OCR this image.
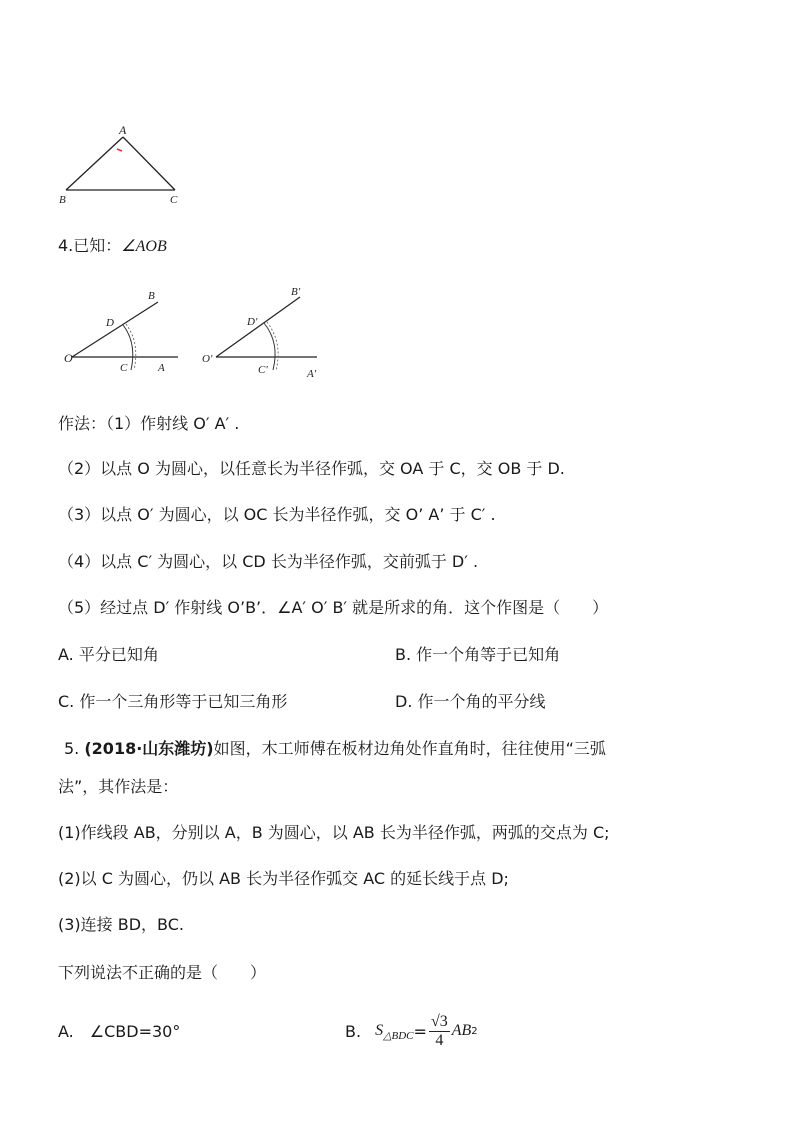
A
B	C
4.已知：∠AOB
O
A
B
C
D
O'
A'
B'
C'
D'
作法：（1）作射线 O′ A′ .
（2）以点 O 为圆心，以任意长为半径作弧，交 OA 于 C，交 OB 于 D.
（3）以点 O′ 为圆心，以 OC 长为半径作弧，交 O’ A’ 于 C′ .
（4）以点 C′ 为圆心，以 CD 长为半径作弧，交前弧于 D′ .
（5）经过点 D′ 作射线 O’B’．∠A′ O′ B′ 就是所求的角．这个作图是（　　）
A. 平分已知角	B. 作一个角等于已知角
C. 作一个三角形等于已知三角形	D. 作一个角的平分线
5. (2018·山东潍坊)如图，木工师傅在板材边角处作直角时，往往使用“三弧
法”，其作法是：
(1)作线段 AB，分别以 A，B 为圆心，以 AB 长为半径作弧，两弧的交点为 C;
(2)以 C 为圆心，仍以 AB 长为半径作弧交 AC 的延长线于点 D;
(3)连接 BD，BC.
下列说法不正确的是（　　）
A.　∠CBD=30°	B. S △BDC = $\frac{√3}{4}$ AB 2
